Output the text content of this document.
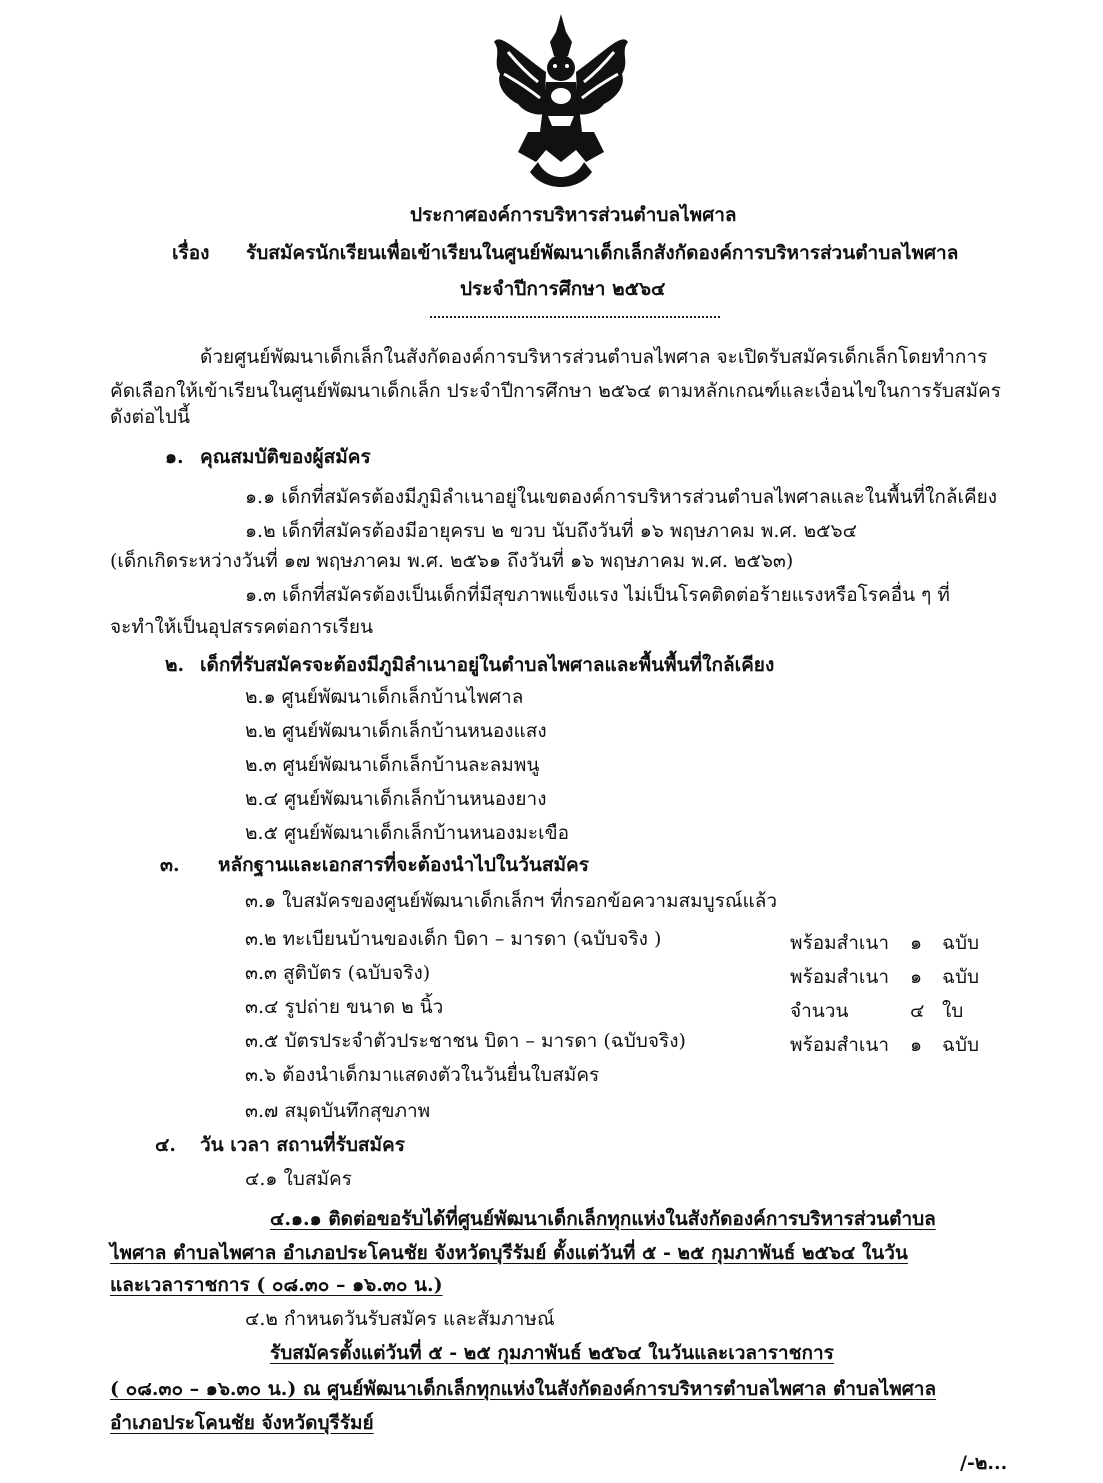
ประกาศองค์การบริหารส่วนตำบลไพศาล
เรื่อง รับสมัครนักเรียนเพื่อเข้าเรียนในศูนย์พัฒนาเด็กเล็กสังกัดองค์การบริหารส่วนตำบลไพศาล
ประจำปีการศึกษา ๒๕๖๔
ด้วยศูนย์พัฒนาเด็กเล็กในสังกัดองค์การบริหารส่วนตำบลไพศาล จะเปิดรับสมัครเด็กเล็กโดยทำการ
คัดเลือกให้เข้าเรียนในศูนย์พัฒนาเด็กเล็ก ประจำปีการศึกษา ๒๕๖๔ ตามหลักเกณฑ์และเงื่อนไขในการรับสมัคร
ดังต่อไปนี้
๑. คุณสมบัติของผู้สมัคร
๑.๑ เด็กที่สมัครต้องมีภูมิลำเนาอยู่ในเขตองค์การบริหารส่วนตำบลไพศาลและในพื้นที่ใกล้เคียง
๑.๒ เด็กที่สมัครต้องมีอายุครบ ๒ ขวบ นับถึงวันที่ ๑๖ พฤษภาคม พ.ศ. ๒๕๖๔
(เด็กเกิดระหว่างวันที่ ๑๗ พฤษภาคม พ.ศ. ๒๕๖๑ ถึงวันที่ ๑๖ พฤษภาคม พ.ศ. ๒๕๖๓)
๑.๓ เด็กที่สมัครต้องเป็นเด็กที่มีสุขภาพแข็งแรง ไม่เป็นโรคติดต่อร้ายแรงหรือโรคอื่น ๆ ที่
จะทำให้เป็นอุปสรรคต่อการเรียน
๒. เด็กที่รับสมัครจะต้องมีภูมิลำเนาอยู่ในตำบลไพศาลและพื้นพื้นที่ใกล้เคียง
๒.๑ ศูนย์พัฒนาเด็กเล็กบ้านไพศาล
๒.๒ ศูนย์พัฒนาเด็กเล็กบ้านหนองแสง
๒.๓ ศูนย์พัฒนาเด็กเล็กบ้านละลมพนู
๒.๔ ศูนย์พัฒนาเด็กเล็กบ้านหนองยาง
๒.๕ ศูนย์พัฒนาเด็กเล็กบ้านหนองมะเขือ
๓. หลักฐานและเอกสารที่จะต้องนำไปในวันสมัคร
๓.๑ ใบสมัครของศูนย์พัฒนาเด็กเล็กฯ ที่กรอกข้อความสมบูรณ์แล้ว
๓.๒ ทะเบียนบ้านของเด็ก บิดา – มารดา (ฉบับจริง )	พร้อมสำเนา ๑ ฉบับ
๓.๓ สูติบัตร (ฉบับจริง)	พร้อมสำเนา ๑ ฉบับ
๓.๔ รูปถ่าย ขนาด ๒ นิ้ว	จำนวน	๔ ใบ
๓.๕ บัตรประจำตัวประชาชน บิดา – มารดา (ฉบับจริง)	พร้อมสำเนา ๑ ฉบับ
๓.๖ ต้องนำเด็กมาแสดงตัวในวันยื่นใบสมัคร
๓.๗ สมุดบันทึกสุขภาพ
๔. วัน เวลา สถานที่รับสมัคร
๔.๑ ใบสมัคร
๔.๑.๑ ติดต่อขอรับได้ที่ศูนย์พัฒนาเด็กเล็กทุกแห่งในสังกัดองค์การบริหารส่วนตำบล
ไพศาล ตำบลไพศาล อำเภอประโคนชัย จังหวัดบุรีรัมย์ ตั้งแต่วันที่ ๕ - ๒๕ กุมภาพันธ์ ๒๕๖๔ ในวัน
และเวลาราชการ ( ๐๘.๓๐ – ๑๖.๓๐ น.)
๔.๒ กำหนดวันรับสมัคร และสัมภาษณ์
รับสมัครตั้งแต่วันที่ ๕ - ๒๕ กุมภาพันธ์ ๒๕๖๔ ในวันและเวลาราชการ
( ๐๘.๓๐ – ๑๖.๓๐ น.) ณ ศูนย์พัฒนาเด็กเล็กทุกแห่งในสังกัดองค์การบริหารตำบลไพศาล ตำบลไพศาล
อำเภอประโคนชัย จังหวัดบุรีรัมย์
/-๒...
